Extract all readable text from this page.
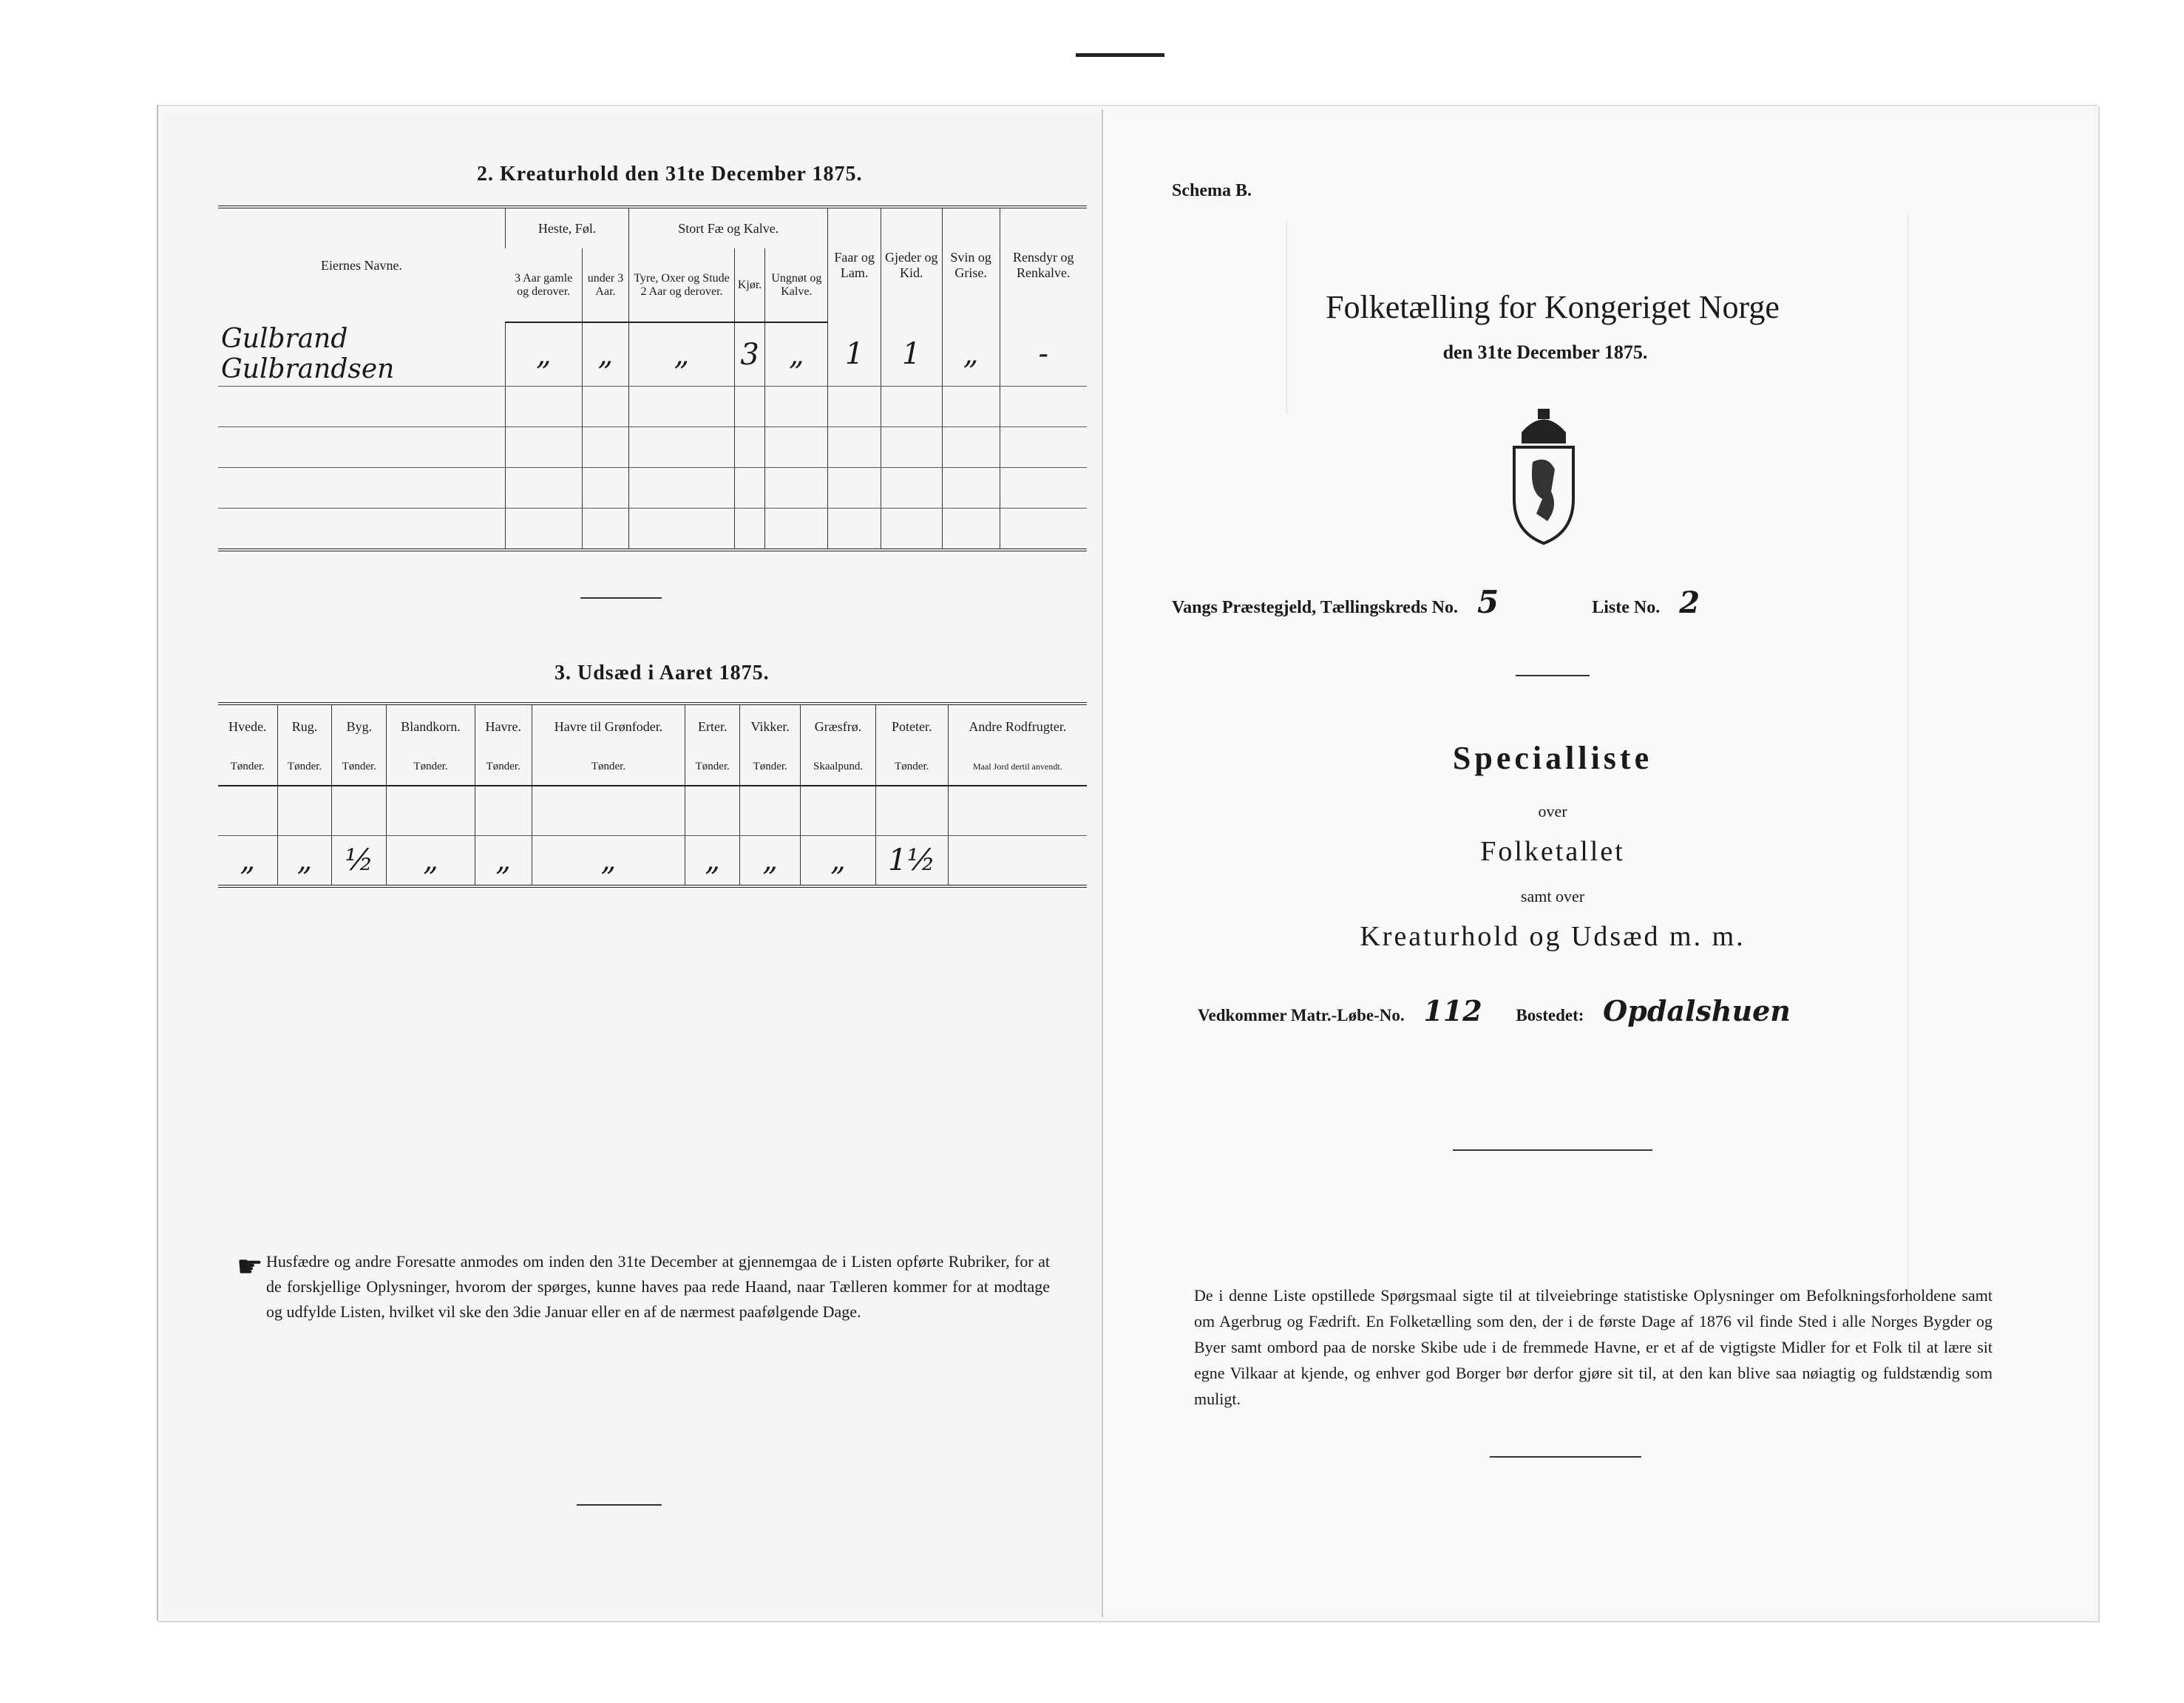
2. Kreaturhold den 31te December 1875.
Eiernes Navne.	Heste, Føl.		Stort Fæ og Kalve.			Faar og Lam.	Gjeder og Kid.	Svin og Grise.	Rensdyr og Renkalve.
	3 Aar gamle og derover.	under 3 Aar.	Tyre, Oxer og Stude 2 Aar og derover.	Kjør.	Ungnøt og Kalve.				
Gulbrand Gulbrandsen	„	„	„	3	„	1	1	„	-

3. Udsæd i Aaret 1875.
Hvede.	Rug.	Byg.	Blandkorn.	Havre.	Havre til Grønfoder.	Erter.	Vikker.	Græsfrø.	Poteter.	Andre Rodfrugter.
Tønder.	Tønder.	Tønder.	Tønder.	Tønder.	Tønder.	Tønder.	Tønder.	Skaalpund.	Tønder.	Maal Jord dertil anvendt.

„	„	½	„	„	„	„	„	„	1½	
☛ Husfædre og andre Foresatte anmodes om inden den 31te December at gjennemgaa de i Listen opførte Rubriker, for at de forskjellige Oplysninger, hvorom der spørges, kunne haves paa rede Haand, naar Tælleren kommer for at modtage og udfylde Listen, hvilket vil ske den 3die Januar eller en af de nærmest paafølgende Dage.
Schema B.
Folketælling for Kongeriget Norge
den 31te December 1875.
Vangs Præstegjeld, Tællingskreds No. 5	Liste No. 2
Specialliste
over
Folketallet
samt over
Kreaturhold og Udsæd m. m.
Vedkommer Matr.-Løbe-No. 112 Bostedet: Opdalshuen
De i denne Liste opstillede Spørgsmaal sigte til at tilveiebringe statistiske Oplysninger om Befolkningsforholdene samt om Agerbrug og Fædrift. En Folketælling som den, der i de første Dage af 1876 vil finde Sted i alle Norges Bygder og Byer samt ombord paa de norske Skibe ude i de fremmede Havne, er et af de vigtigste Midler for et Folk til at lære sit egne Vilkaar at kjende, og enhver god Borger bør derfor gjøre sit til, at den kan blive saa nøiagtig og fuldstændig som muligt.
